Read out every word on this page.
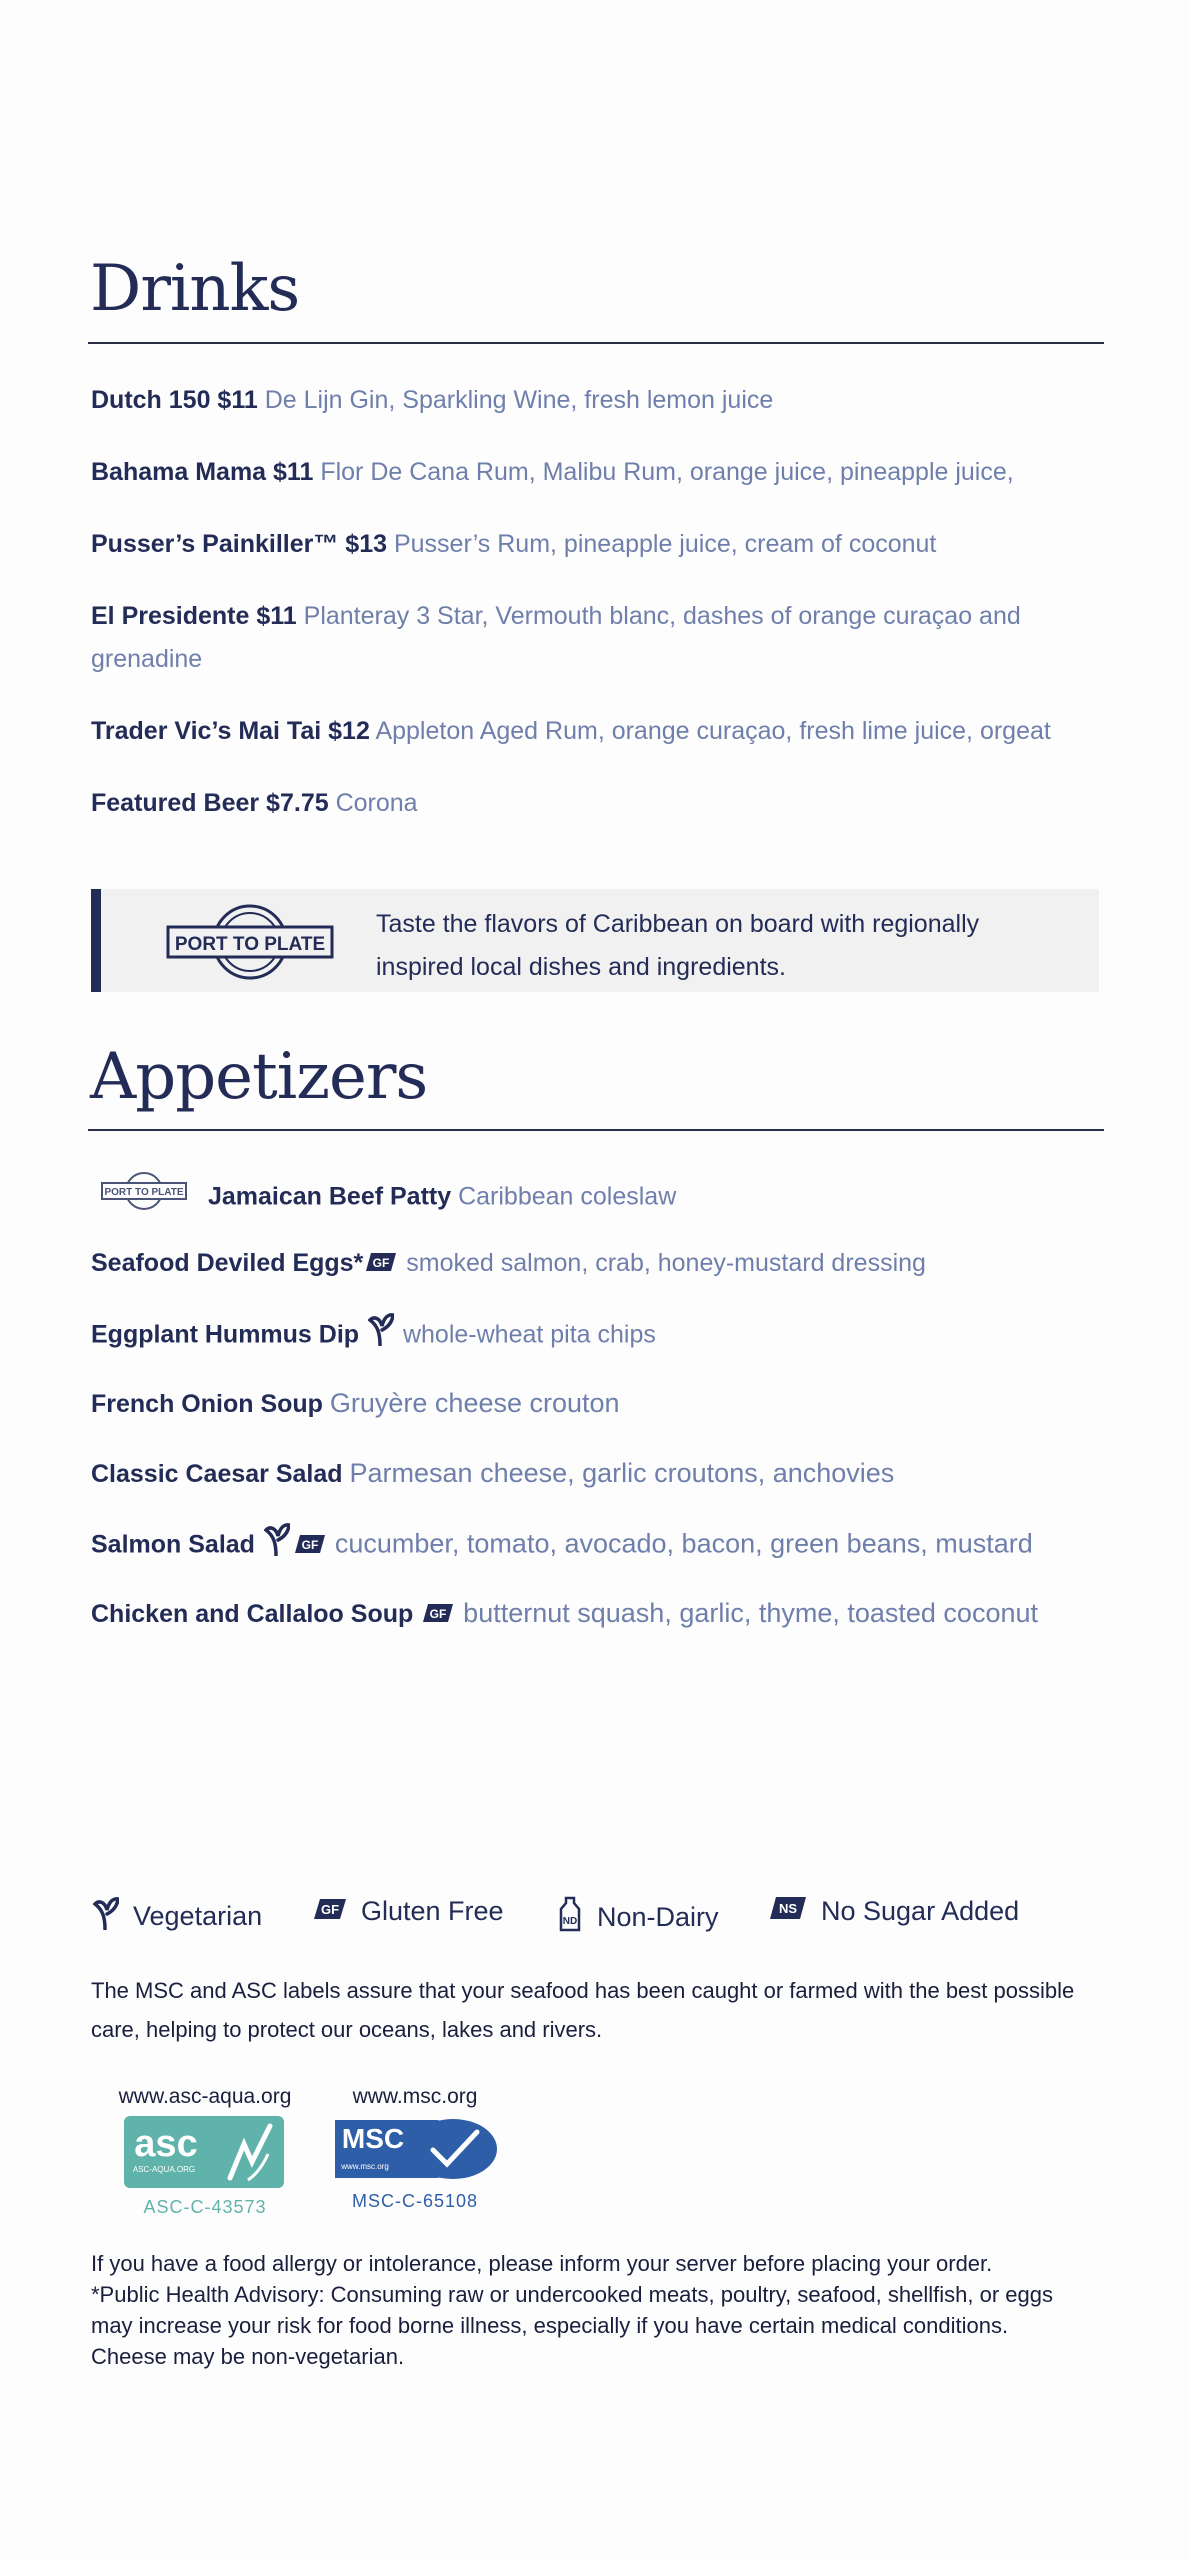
Drinks
Dutch 150 $11 De Lijn Gin, Sparkling Wine, fresh lemon juice
Bahama Mama $11 Flor De Cana Rum, Malibu Rum, orange juice, pineapple juice,
Pusser’s Painkiller™ $13 Pusser’s Rum, pineapple juice, cream of coconut
El Presidente $11 Planteray 3 Star, Vermouth blanc, dashes of orange curaçao and grenadine
Trader Vic’s Mai Tai $12 Appleton Aged Rum, orange curaçao, fresh lime juice, orgeat
Featured Beer $7.75 Corona
PORT TO PLATE
Taste the flavors of Caribbean on board with regionally inspired local dishes and ingredients.
Appetizers
PORT TO PLATE Jamaican Beef Patty Caribbean coleslaw
Seafood Deviled Eggs* GF smoked salmon, crab, honey-mustard dressing
Eggplant Hummus Dip whole-wheat pita chips
French Onion Soup Gruyère cheese crouton
Classic Caesar Salad Parmesan cheese, garlic croutons, anchovies
Salmon Salad	GF cucumber, tomato, avocado, bacon, green beans, mustard
Chicken and Callaloo Soup GF butternut squash, garlic, thyme, toasted coconut
Vegetarian	GF Gluten Free	ND Non-Dairy	NS No Sugar Added
The MSC and ASC labels assure that your seafood has been caught or farmed with the best possible care, helping to protect our oceans, lakes and rivers.
www.asc-aqua.org
asc
ASC-AQUA.ORG
ASC-C-43573
www.msc.org
MSC
www.msc.org
MSC-C-65108
If you have a food allergy or intolerance, please inform your server before placing your order.
*Public Health Advisory: Consuming raw or undercooked meats, poultry, seafood, shellfish, or eggs
may increase your risk for food borne illness, especially if you have certain medical conditions.
Cheese may be non-vegetarian.
